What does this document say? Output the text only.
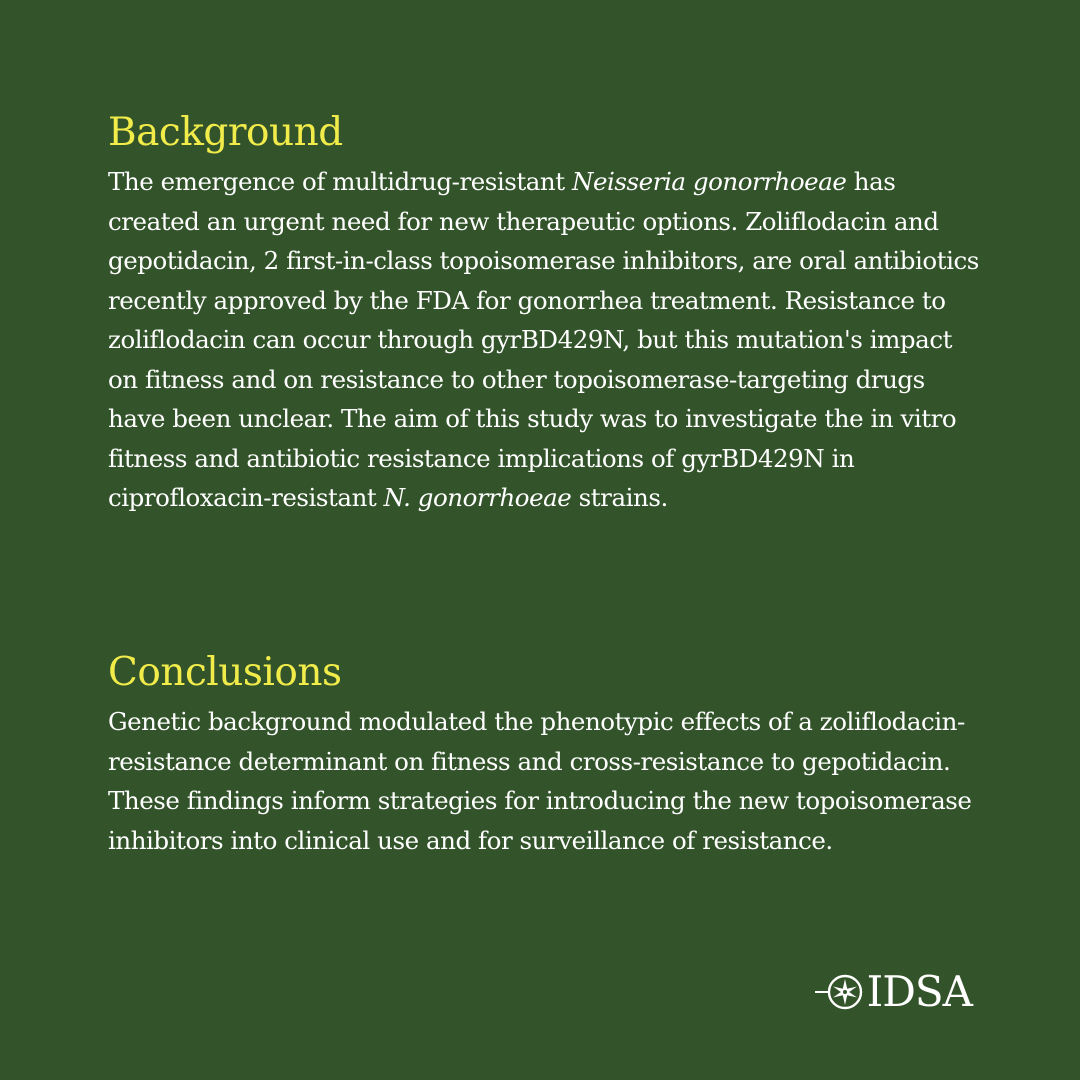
Background

The emergence of multidrug-resistant Neisseria gonorrhoeae has created an urgent need for new therapeutic options. Zoliflodacin and gepotidacin, 2 first-in-class topoisomerase inhibitors, are oral antibiotics recently approved by the FDA for gonorrhea treatment. Resistance to zoliflodacin can occur through gyrBD429N, but this mutation's impact on fitness and on resistance to other topoisomerase-targeting drugs have been unclear. The aim of this study was to investigate the in vitro fitness and antibiotic resistance implications of gyrBD429N in ciprofloxacin-resistant N. gonorrhoeae strains.

Conclusions

Genetic background modulated the phenotypic effects of a zoliflodacin-resistance determinant on fitness and cross-resistance to gepotidacin. These findings inform strategies for introducing the new topoisomerase inhibitors into clinical use and for surveillance of resistance.

IDSA
